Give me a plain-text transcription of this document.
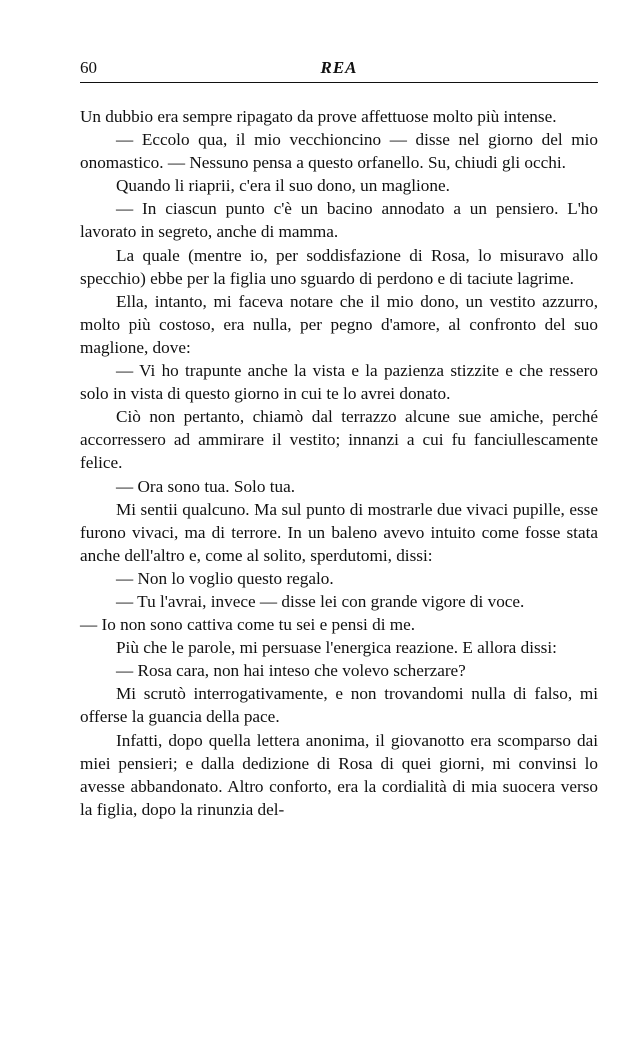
60	REA

Un dubbio era sempre ripagato da prove affettuose molto più intense.

— Eccolo qua, il mio vecchioncino — disse nel giorno del mio onomastico. — Nessuno pensa a questo orfanello. Su, chiudi gli occhi.

Quando li riaprii, c'era il suo dono, un maglione.

— In ciascun punto c'è un bacino annodato a un pensiero. L'ho lavorato in segreto, anche di mamma.

La quale (mentre io, per soddisfazione di Rosa, lo misuravo allo specchio) ebbe per la figlia uno sguardo di perdono e di taciute lagrime.

Ella, intanto, mi faceva notare che il mio dono, un vestito azzurro, molto più costoso, era nulla, per pegno d'amore, al confronto del suo maglione, dove:

— Vi ho trapunte anche la vista e la pazienza stizzite e che ressero solo in vista di questo giorno in cui te lo avrei donato.

Ciò non pertanto, chiamò dal terrazzo alcune sue amiche, perché accorressero ad ammirare il vestito; innanzi a cui fu fanciullescamente felice.

— Ora sono tua. Solo tua.

Mi sentii qualcuno. Ma sul punto di mostrarle due vivaci pupille, esse furono vivaci, ma di terrore. In un baleno avevo intuito come fosse stata anche dell'altro e, come al solito, sperdutomi, dissi:

— Non lo voglio questo regalo.

— Tu l'avrai, invece — disse lei con grande vigore di voce.

— Io non sono cattiva come tu sei e pensi di me.

Più che le parole, mi persuase l'energica reazione. E allora dissi:

— Rosa cara, non hai inteso che volevo scherzare?

Mi scrutò interrogativamente, e non trovandomi nulla di falso, mi offerse la guancia della pace.

Infatti, dopo quella lettera anonima, il giovanotto era scomparso dai miei pensieri; e dalla dedizione di Rosa di quei giorni, mi convinsi lo avesse abbandonato. Altro conforto, era la cordialità di mia suocera verso la figlia, dopo la rinunzia del-
